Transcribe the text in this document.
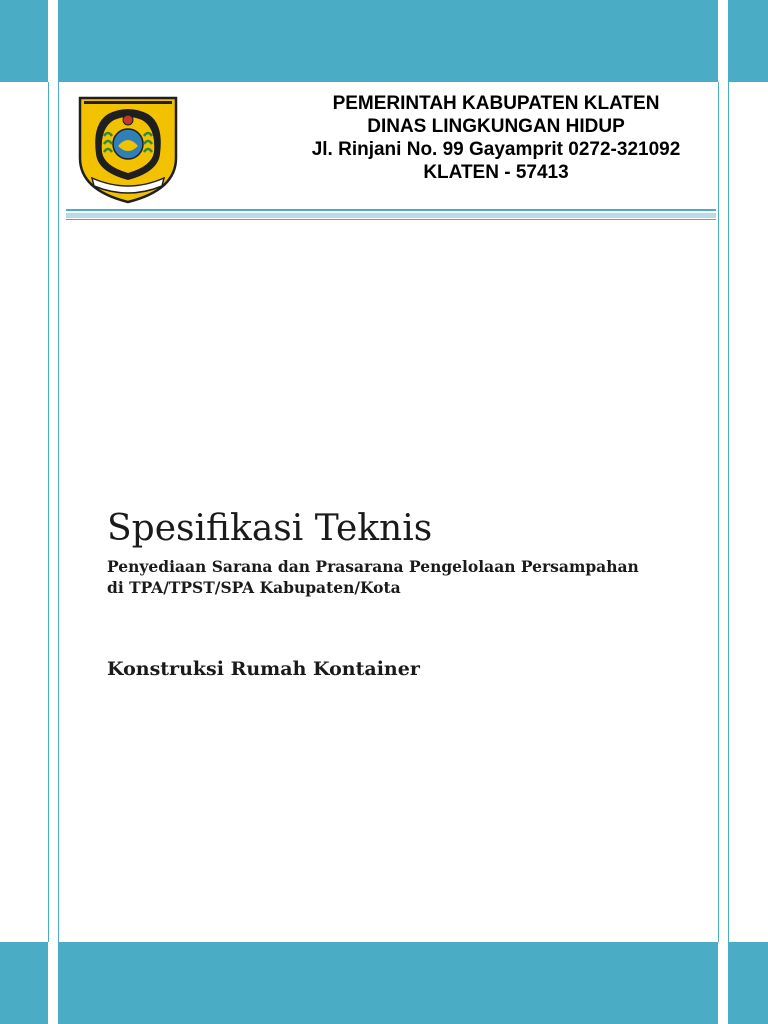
PEMERINTAH KABUPATEN KLATEN
DINAS LINGKUNGAN HIDUP
Jl. Rinjani No. 99 Gayamprit 0272-321092
KLATEN - 57413
Spesifikasi Teknis
Penyediaan Sarana dan Prasarana Pengelolaan Persampahan
di TPA/TPST/SPA Kabupaten/Kota
Konstruksi Rumah Kontainer
